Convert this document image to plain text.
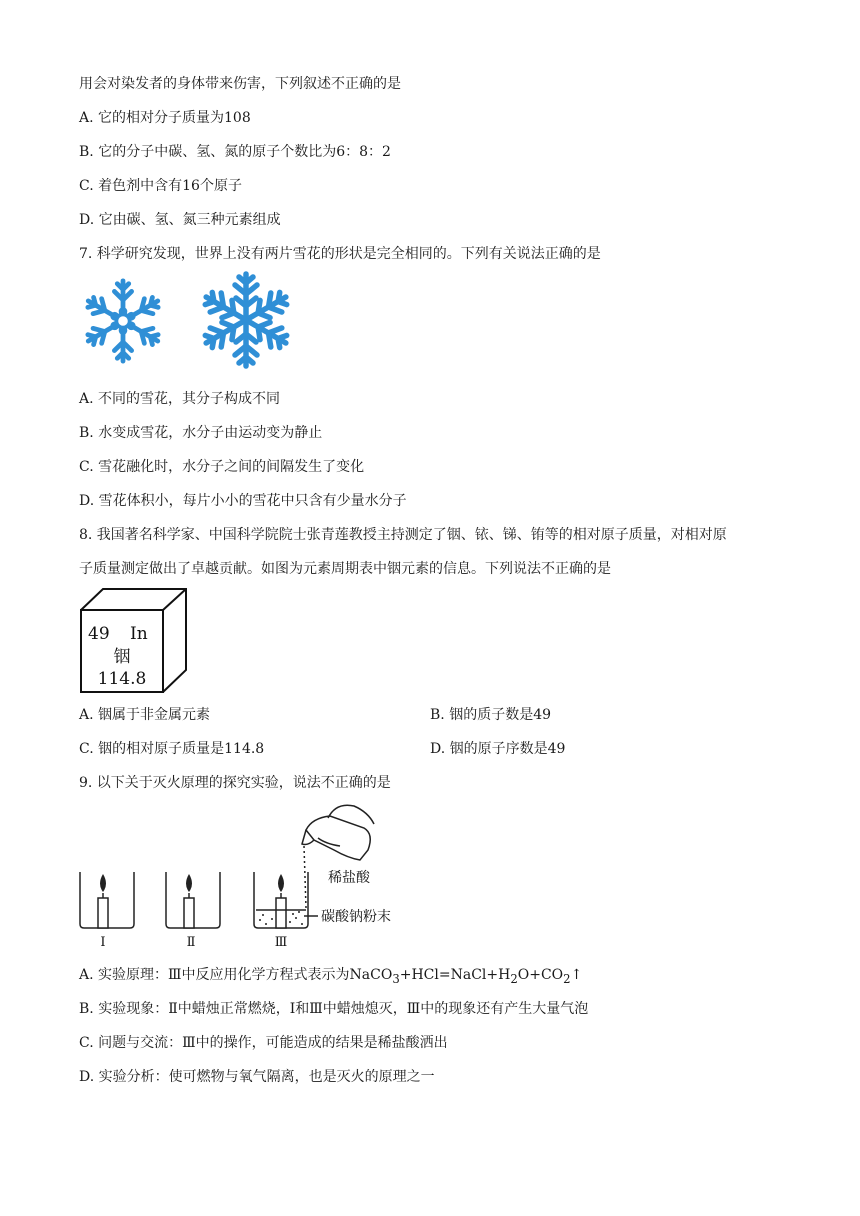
用会对染发者的身体带来伤害，下列叙述不正确的是
A. 它的相对分子质量为108
B. 它的分子中碳、氢、氮的原子个数比为6：8：2
C. 着色剂中含有16个原子
D. 它由碳、氢、氮三种元素组成
7. 科学研究发现，世界上没有两片雪花的形状是完全相同的。下列有关说法正确的是
A. 不同的雪花，其分子构成不同
B. 水变成雪花，水分子由运动变为静止
C. 雪花融化时，水分子之间的间隔发生了变化
D. 雪花体积小，每片小小的雪花中只含有少量水分子
8. 我国著名科学家、中国科学院院士张青莲教授主持测定了铟、铱、锑、铕等的相对原子质量，对相对原
子质量测定做出了卓越贡献。如图为元素周期表中铟元素的信息。下列说法不正确的是
49 In
铟
114.8
A. 铟属于非金属元素	B. 铟的质子数是49
C. 铟的相对原子质量是114.8	D. 铟的原子序数是49
9. 以下关于灭火原理的探究实验，说法不正确的是
Ⅰ	Ⅱ	Ⅲ
稀盐酸
碳酸钠粉末
A. 实验原理：Ⅲ中反应用化学方程式表示为$NaCO_3+HCl=NaCl+H_2O+CO_2↑$
B. 实验现象：Ⅱ中蜡烛正常燃烧，Ⅰ和Ⅲ中蜡烛熄灭，Ⅲ中的现象还有产生大量气泡
C. 问题与交流：Ⅲ中的操作，可能造成的结果是稀盐酸洒出
D. 实验分析：使可燃物与氧气隔离，也是灭火的原理之一
